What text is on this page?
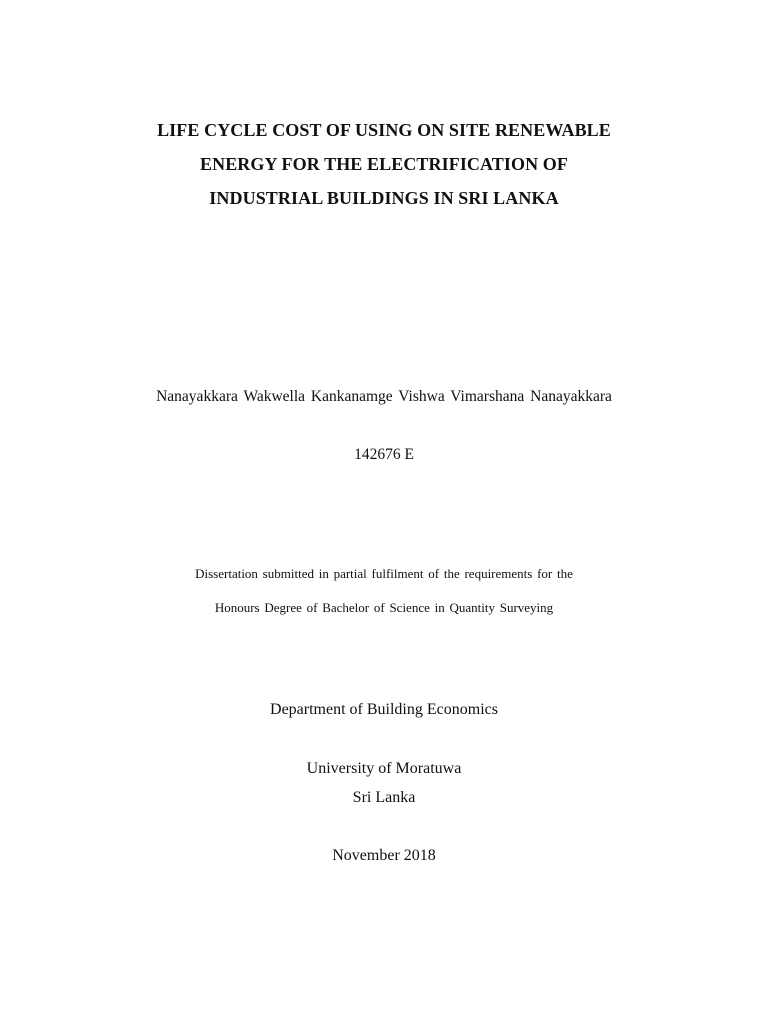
LIFE CYCLE COST OF USING ON SITE RENEWABLE
ENERGY FOR THE ELECTRIFICATION OF
INDUSTRIAL BUILDINGS IN SRI LANKA
Nanayakkara Wakwella Kankanamge Vishwa Vimarshana Nanayakkara
142676 E
Dissertation submitted in partial fulfilment of the requirements for the
Honours Degree of Bachelor of Science in Quantity Surveying
Department of Building Economics
University of Moratuwa
Sri Lanka
November 2018
